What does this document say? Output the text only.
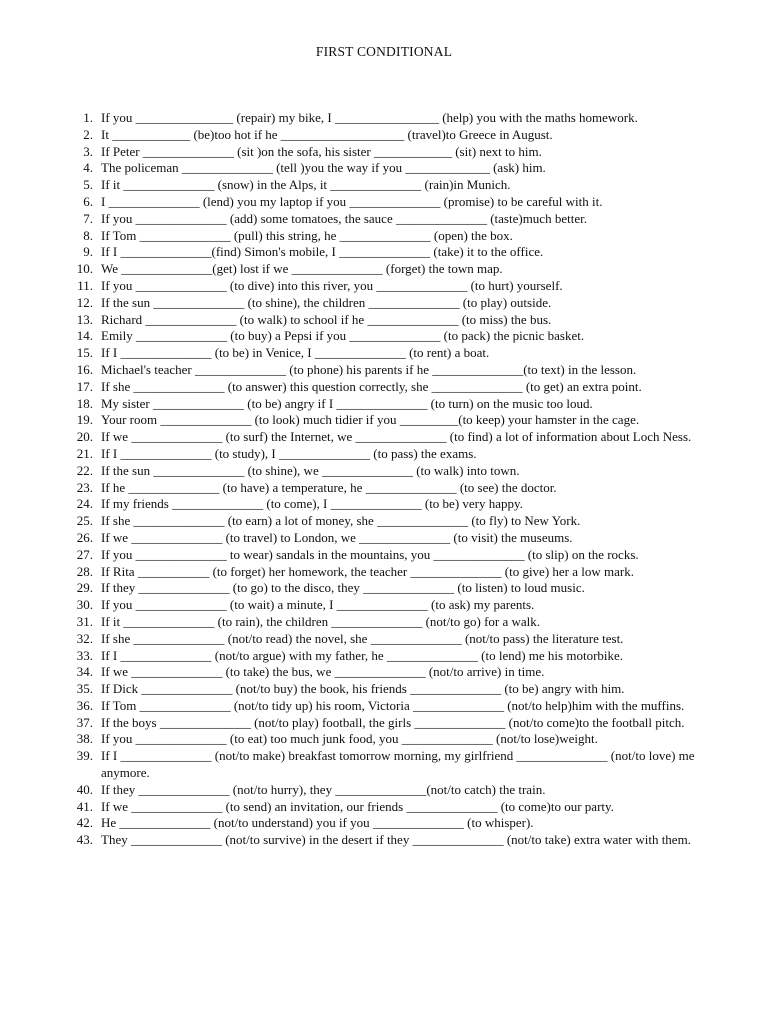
FIRST CONDITIONAL
1. If you _______________ (repair) my bike, I ________________ (help) you with the maths homework.
2. It ____________ (be)too hot if he ___________________ (travel)to Greece in August.
3. If Peter ______________ (sit )on the sofa, his sister ____________ (sit) next to him.
4. The policeman ______________ (tell )you the way if you _____________ (ask) him.
5. If it ______________ (snow) in the Alps, it ______________ (rain)in Munich.
6. I ______________ (lend) you my laptop if you ______________ (promise) to be careful with it.
7. If you ______________ (add) some tomatoes, the sauce ______________ (taste)much better.
8. If Tom ______________ (pull) this string, he ______________ (open) the box.
9. If I ______________(find) Simon's mobile, I ______________ (take) it to the office.
10. We ______________(get) lost if we ______________ (forget) the town map.
11. If you ______________ (to dive) into this river, you ______________ (to hurt) yourself.
12. If the sun ______________ (to shine), the children ______________ (to play) outside.
13. Richard ______________ (to walk) to school if he ______________ (to miss) the bus.
14. Emily ______________ (to buy) a Pepsi if you ______________ (to pack) the picnic basket.
15. If I ______________ (to be) in Venice, I ______________ (to rent) a boat.
16. Michael's teacher ______________ (to phone) his parents if he ______________(to text) in the lesson.
17. If she ______________ (to answer) this question correctly, she ______________ (to get) an extra point.
18. My sister ______________ (to be) angry if I ______________ (to turn) on the music too loud.
19. Your room ______________ (to look) much tidier if you _________(to keep) your hamster in the cage.
20. If we ______________ (to surf) the Internet, we ______________ (to find) a lot of information about Loch Ness.
21. If I ______________ (to study), I ______________ (to pass) the exams.
22. If the sun ______________ (to shine), we ______________ (to walk) into town.
23. If he ______________ (to have) a temperature, he ______________ (to see) the doctor.
24. If my friends ______________ (to come), I ______________ (to be) very happy.
25. If she ______________ (to earn) a lot of money, she ______________ (to fly) to New York.
26. If we ______________ (to travel) to London, we ______________ (to visit) the museums.
27. If you ______________ to wear) sandals in the mountains, you ______________ (to slip) on the rocks.
28. If Rita ___________ (to forget) her homework, the teacher ______________ (to give) her a low mark.
29. If they ______________ (to go) to the disco, they ______________ (to listen) to loud music.
30. If you ______________ (to wait) a minute, I ______________ (to ask) my parents.
31. If it ______________ (to rain), the children ______________ (not/to go) for a walk.
32. If she ______________ (not/to read) the novel, she ______________ (not/to pass) the literature test.
33. If I ______________ (not/to argue) with my father, he ______________ (to lend) me his motorbike.
34. If we ______________ (to take) the bus, we ______________ (not/to arrive) in time.
35. If Dick ______________ (not/to buy) the book, his friends ______________ (to be) angry with him.
36. If Tom ______________ (not/to tidy up) his room, Victoria ______________ (not/to help)him with the muffins.
37. If the boys ______________ (not/to play) football, the girls ______________ (not/to come)to the football pitch.
38. If you ______________ (to eat) too much junk food, you ______________ (not/to lose)weight.
39. If I ______________ (not/to make) breakfast tomorrow morning, my girlfriend ______________ (not/to love) me anymore.
40. If they ______________ (not/to hurry), they ______________(not/to catch) the train.
41. If we ______________ (to send) an invitation, our friends ______________ (to come)to our party.
42. He ______________ (not/to understand) you if you ______________ (to whisper).
43. They ______________ (not/to survive) in the desert if they ______________ (not/to take) extra water with them.
